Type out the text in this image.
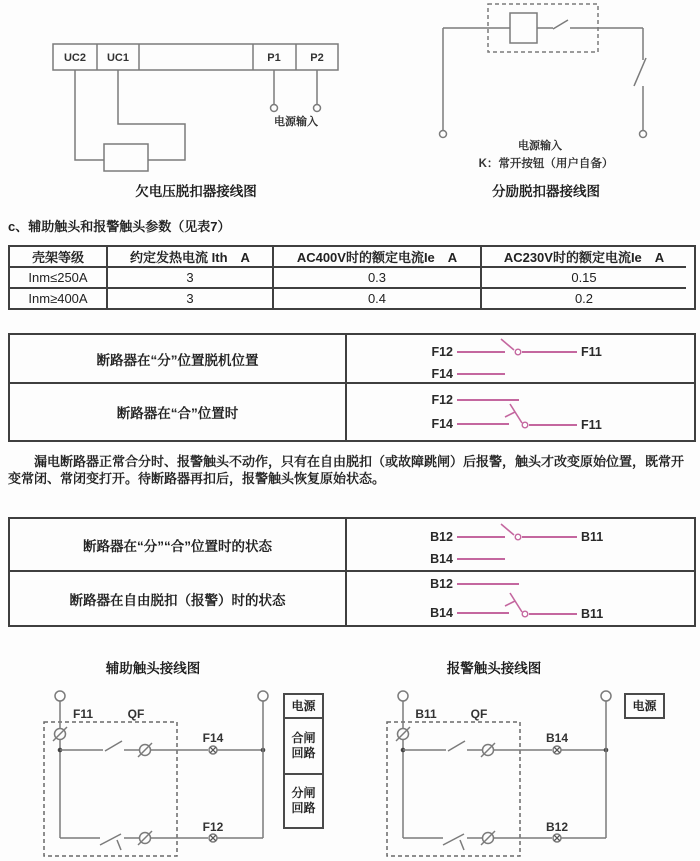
UC2 UC1	P1	P2
电源输入
欠电压脱扣器接线图
电源输入
K：常开按钮（用户自备）
分励脱扣器接线图
c、辅助触头和报警触头参数（见表7）
壳架等级	约定发热电流 Ith　A	AC400V时的额定电流Ie　A	AC230V时的额定电流Ie　A
Inm≤250A	3	0.3	0.15
Inm≥400A	3	0.4	0.2
断路器在“分”位置脱机位置
F12	F11
F14
断路器在“合”位置时
F12
F14	F11
漏电断路器正常合分时、报警触头不动作，只有在自由脱扣（或故障跳闸）后报警，触头才改变原始位置，既常开变常闭、常闭变打开。待断路器再扣后，报警触头恢复原始状态。
断路器在“分”“合”位置时的状态
B12	B11
B14
断路器在自由脱扣（报警）时的状态
B12
B14	B11
辅助触头接线图	报警触头接线图
F11	QF
F14
F12
B11	QF
B14
B12
电源
合闸回路
分闸回路
电源
